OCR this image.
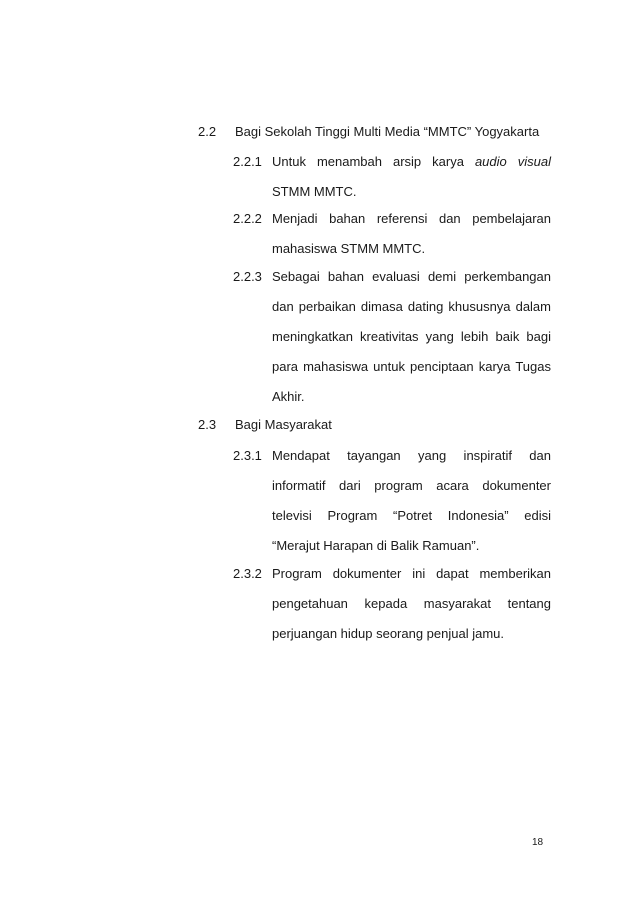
2.2 Bagi Sekolah Tinggi Multi Media “MMTC” Yogyakarta
2.2.1 Untuk menambah arsip karya audio visual
STMM MMTC.
2.2.2 Menjadi bahan referensi dan pembelajaran
mahasiswa STMM MMTC.
2.2.3 Sebagai bahan evaluasi demi perkembangan
dan perbaikan dimasa dating khususnya dalam
meningkatkan kreativitas yang lebih baik bagi
para mahasiswa untuk penciptaan karya Tugas
Akhir.
2.3 Bagi Masyarakat
2.3.1 Mendapat tayangan yang inspiratif dan
informatif dari program acara dokumenter
televisi Program “Potret Indonesia” edisi
“Merajut Harapan di Balik Ramuan”.
2.3.2 Program dokumenter ini dapat memberikan
pengetahuan kepada masyarakat tentang
perjuangan hidup seorang penjual jamu.
18
